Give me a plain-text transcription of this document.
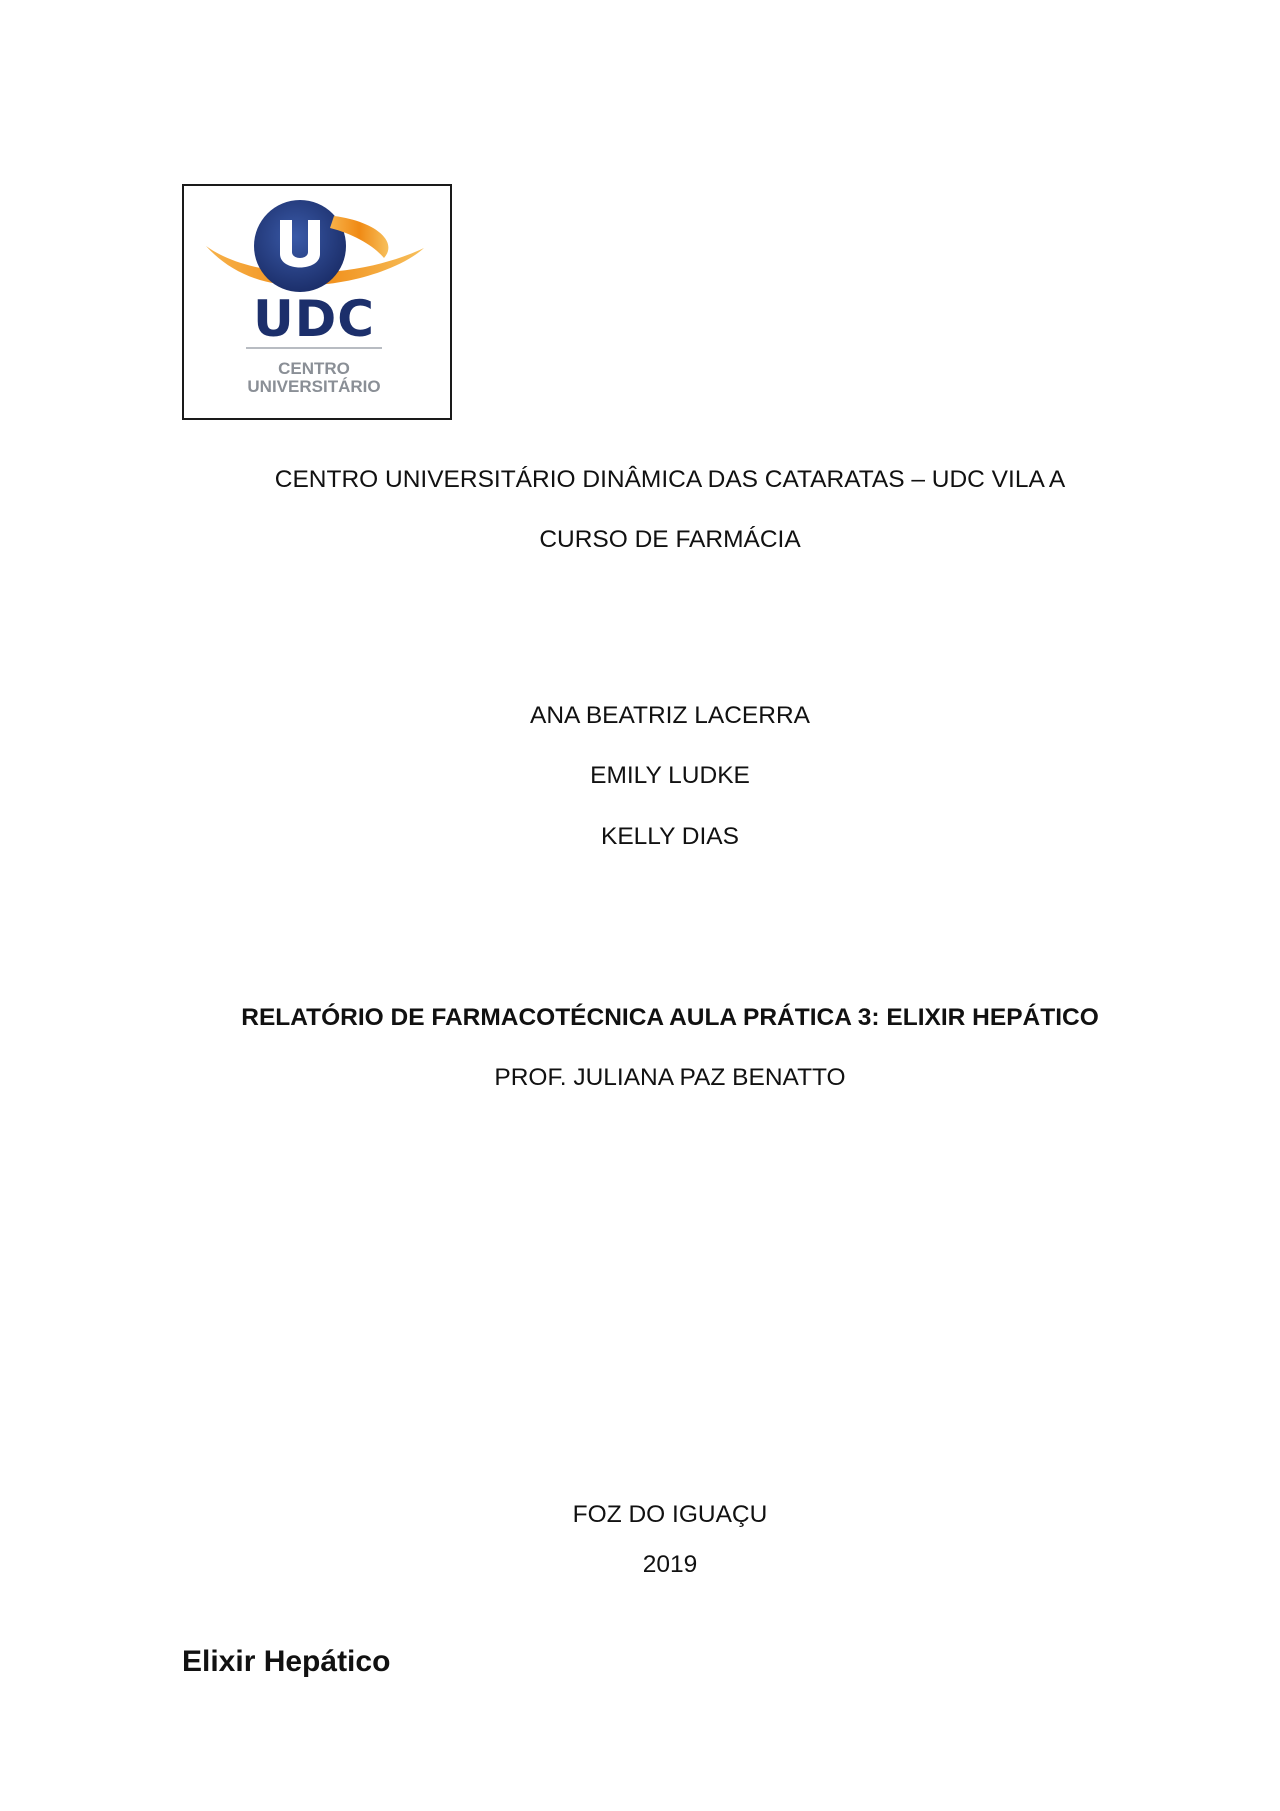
UDC
CENTRO
UNIVERSITÁRIO
CENTRO UNIVERSITÁRIO DINÂMICA DAS CATARATAS – UDC VILA A
CURSO DE FARMÁCIA
ANA BEATRIZ LACERRA
EMILY LUDKE
KELLY DIAS
RELATÓRIO DE FARMACOTÉCNICA AULA PRÁTICA 3: ELIXIR HEPÁTICO
PROF. JULIANA PAZ BENATTO
FOZ DO IGUAÇU
2019
Elixir Hepático
